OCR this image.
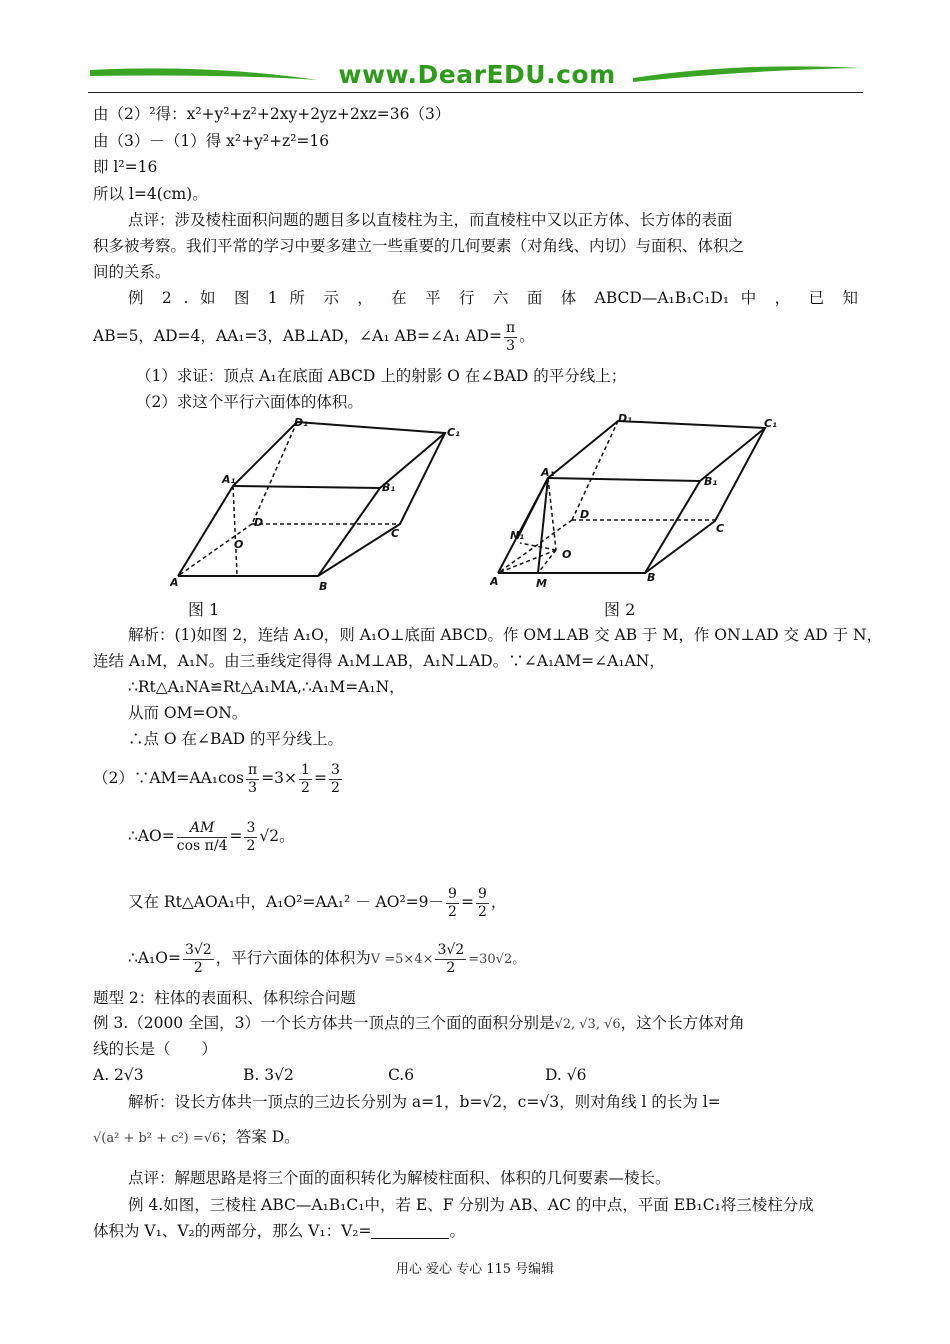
www.DearEDU.com
由（2）²得：x²+y²+z²+2xy+2yz+2xz=36（3）
由（3）－（1）得 x²+y²+z²=16
即 l²=16
所以 l=4(cm)。
点评：涉及棱柱面积问题的题目多以直棱柱为主，而直棱柱中又以正方体、长方体的表面
积多被考察。我们平常的学习中要多建立一些重要的几何要素（对角线、内切）与面积、体积之
间的关系。
例 2 . 如 图 1 所 示 ， 在 平 行 六 面 体 ABCD—A₁B₁C₁D₁ 中 ， 已 知
AB=5，AD=4，AA₁=3，AB⊥AD，∠A₁ AB=∠A₁ $AD= \frac{\pi}{3}$ 。
（1）求证：顶点 A₁在底面 ABCD 上的射影 O 在∠BAD 的平分线上；
（2）求这个平行六面体的体积。
A	B
C
D
A₁
B₁
C₁
D₁
O
图 1
A	B
C
D
A₁
B₁
C₁
D₁
O
M
N₁
图 2
解析：(1)如图 2，连结 A₁O，则 A₁O⊥底面 ABCD。作 OM⊥AB 交 AB 于 M，作 ON⊥AD 交 AD 于 N，
连结 A₁M，A₁N。由三垂线定得得 A₁M⊥AB，A₁N⊥AD。∵∠A₁AM=∠A₁AN，
∴Rt△A₁NA≌Rt△A₁MA,∴A₁M=A₁N，
从而 OM=ON。
∴点 O 在∠BAD 的平分线上。
（2）∵AM=AA₁cos $\frac{\pi}{3} =3\times \frac{1}{2} = \frac{3}{2}$
∴AO= $\frac{AM}{\text{cos π/4}} = \frac{3}{2} √2$。
又在 Rt△AOA₁中，$A_1O^2=AA_1^2 - AO^2=9- \frac{9}{2} = \frac{9}{2}$ ，
∴A₁O= $\frac{3√2}{2}$ ，平行六面体的体积为$V =5\times 4\times \frac{3√2}{2} =30√2$。
题型 2：柱体的表面积、体积综合问题
例 3.（2000 全国，3）一个长方体共一顶点的三个面的面积分别是√2, √3, √6，这个长方体对角
线的长是（　　）
A. 2√3	B. 3√2	C.6	D. √6
解析：设长方体共一顶点的三边长分别为 a=1，b=√2，c=√3，则对角线 l 的长为 l=
√(a² + b² + c²) =√6；答案 D。
点评：解题思路是将三个面的面积转化为解棱柱面积、体积的几何要素—棱长。
例 4.如图，三棱柱 ABC—A₁B₁C₁中，若 E、F 分别为 AB、AC 的中点，平面 EB₁C₁将三棱柱分成
体积为 V₁、V₂的两部分，那么 V₁：V₂=	。
用心 爱心 专心 115 号编辑
